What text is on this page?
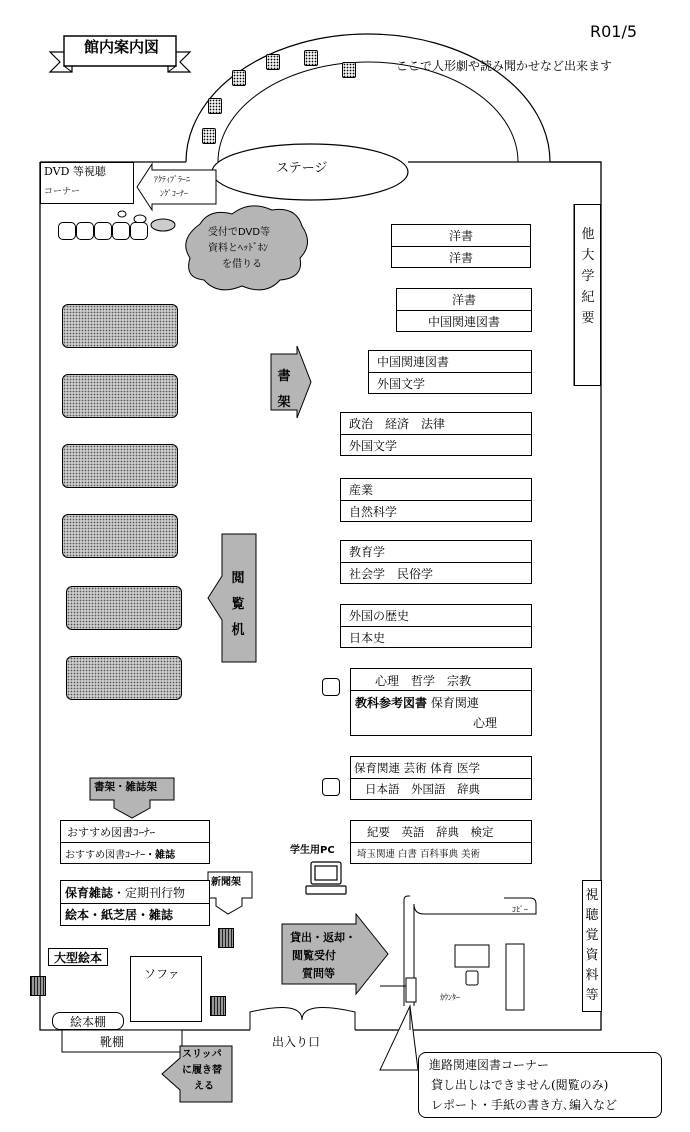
館内案内図
R01/5
ここで人形劇や読み聞かせなど出来ます
ステージ
DVD 等視聴
コーナー
ｱｸﾃｨﾌﾞﾗｰﾆ
ﾝｸﾞｺｰﾅｰ
受付でDVD等
資料とﾍｯﾄﾞﾎﾝ
を借りる
書
架
閲
覧
机
他
大
学
紀
要
視
聴
覚
資
料
等
洋書
洋書
洋書
中国関連図書
中国関連図書
外国文学
政治　経済　法律
外国文学
産業
自然科学
教育学
社会学　民俗学
外国の歴史
日本史
心理　哲学　宗教
教科参考図書 保育関連
心理
保育関連 芸術 体育 医学
日本語　外国語　辞典
紀要　英語　辞典　検定
埼玉関連 白書 百科事典 美術
学生用PC
書架・雑誌架
おすすめ図書ｺｰﾅｰ
おすすめ図書ｺｰﾅｰ ・雑誌
新聞架
保育雑誌 ・定期刊行物
絵本・紙芝居・雑誌
大型絵本
ソファ
絵本棚
靴棚	出入り口
スリッパ
に履き替
える
貸出・返却・
閲覧受付
質問等
ｺﾋﾟｰ
ｶｳﾝﾀｰ
進路関連図書コーナー
貸し出しはできません(閲覧のみ)
レポート・手紙の書き方､編入など
